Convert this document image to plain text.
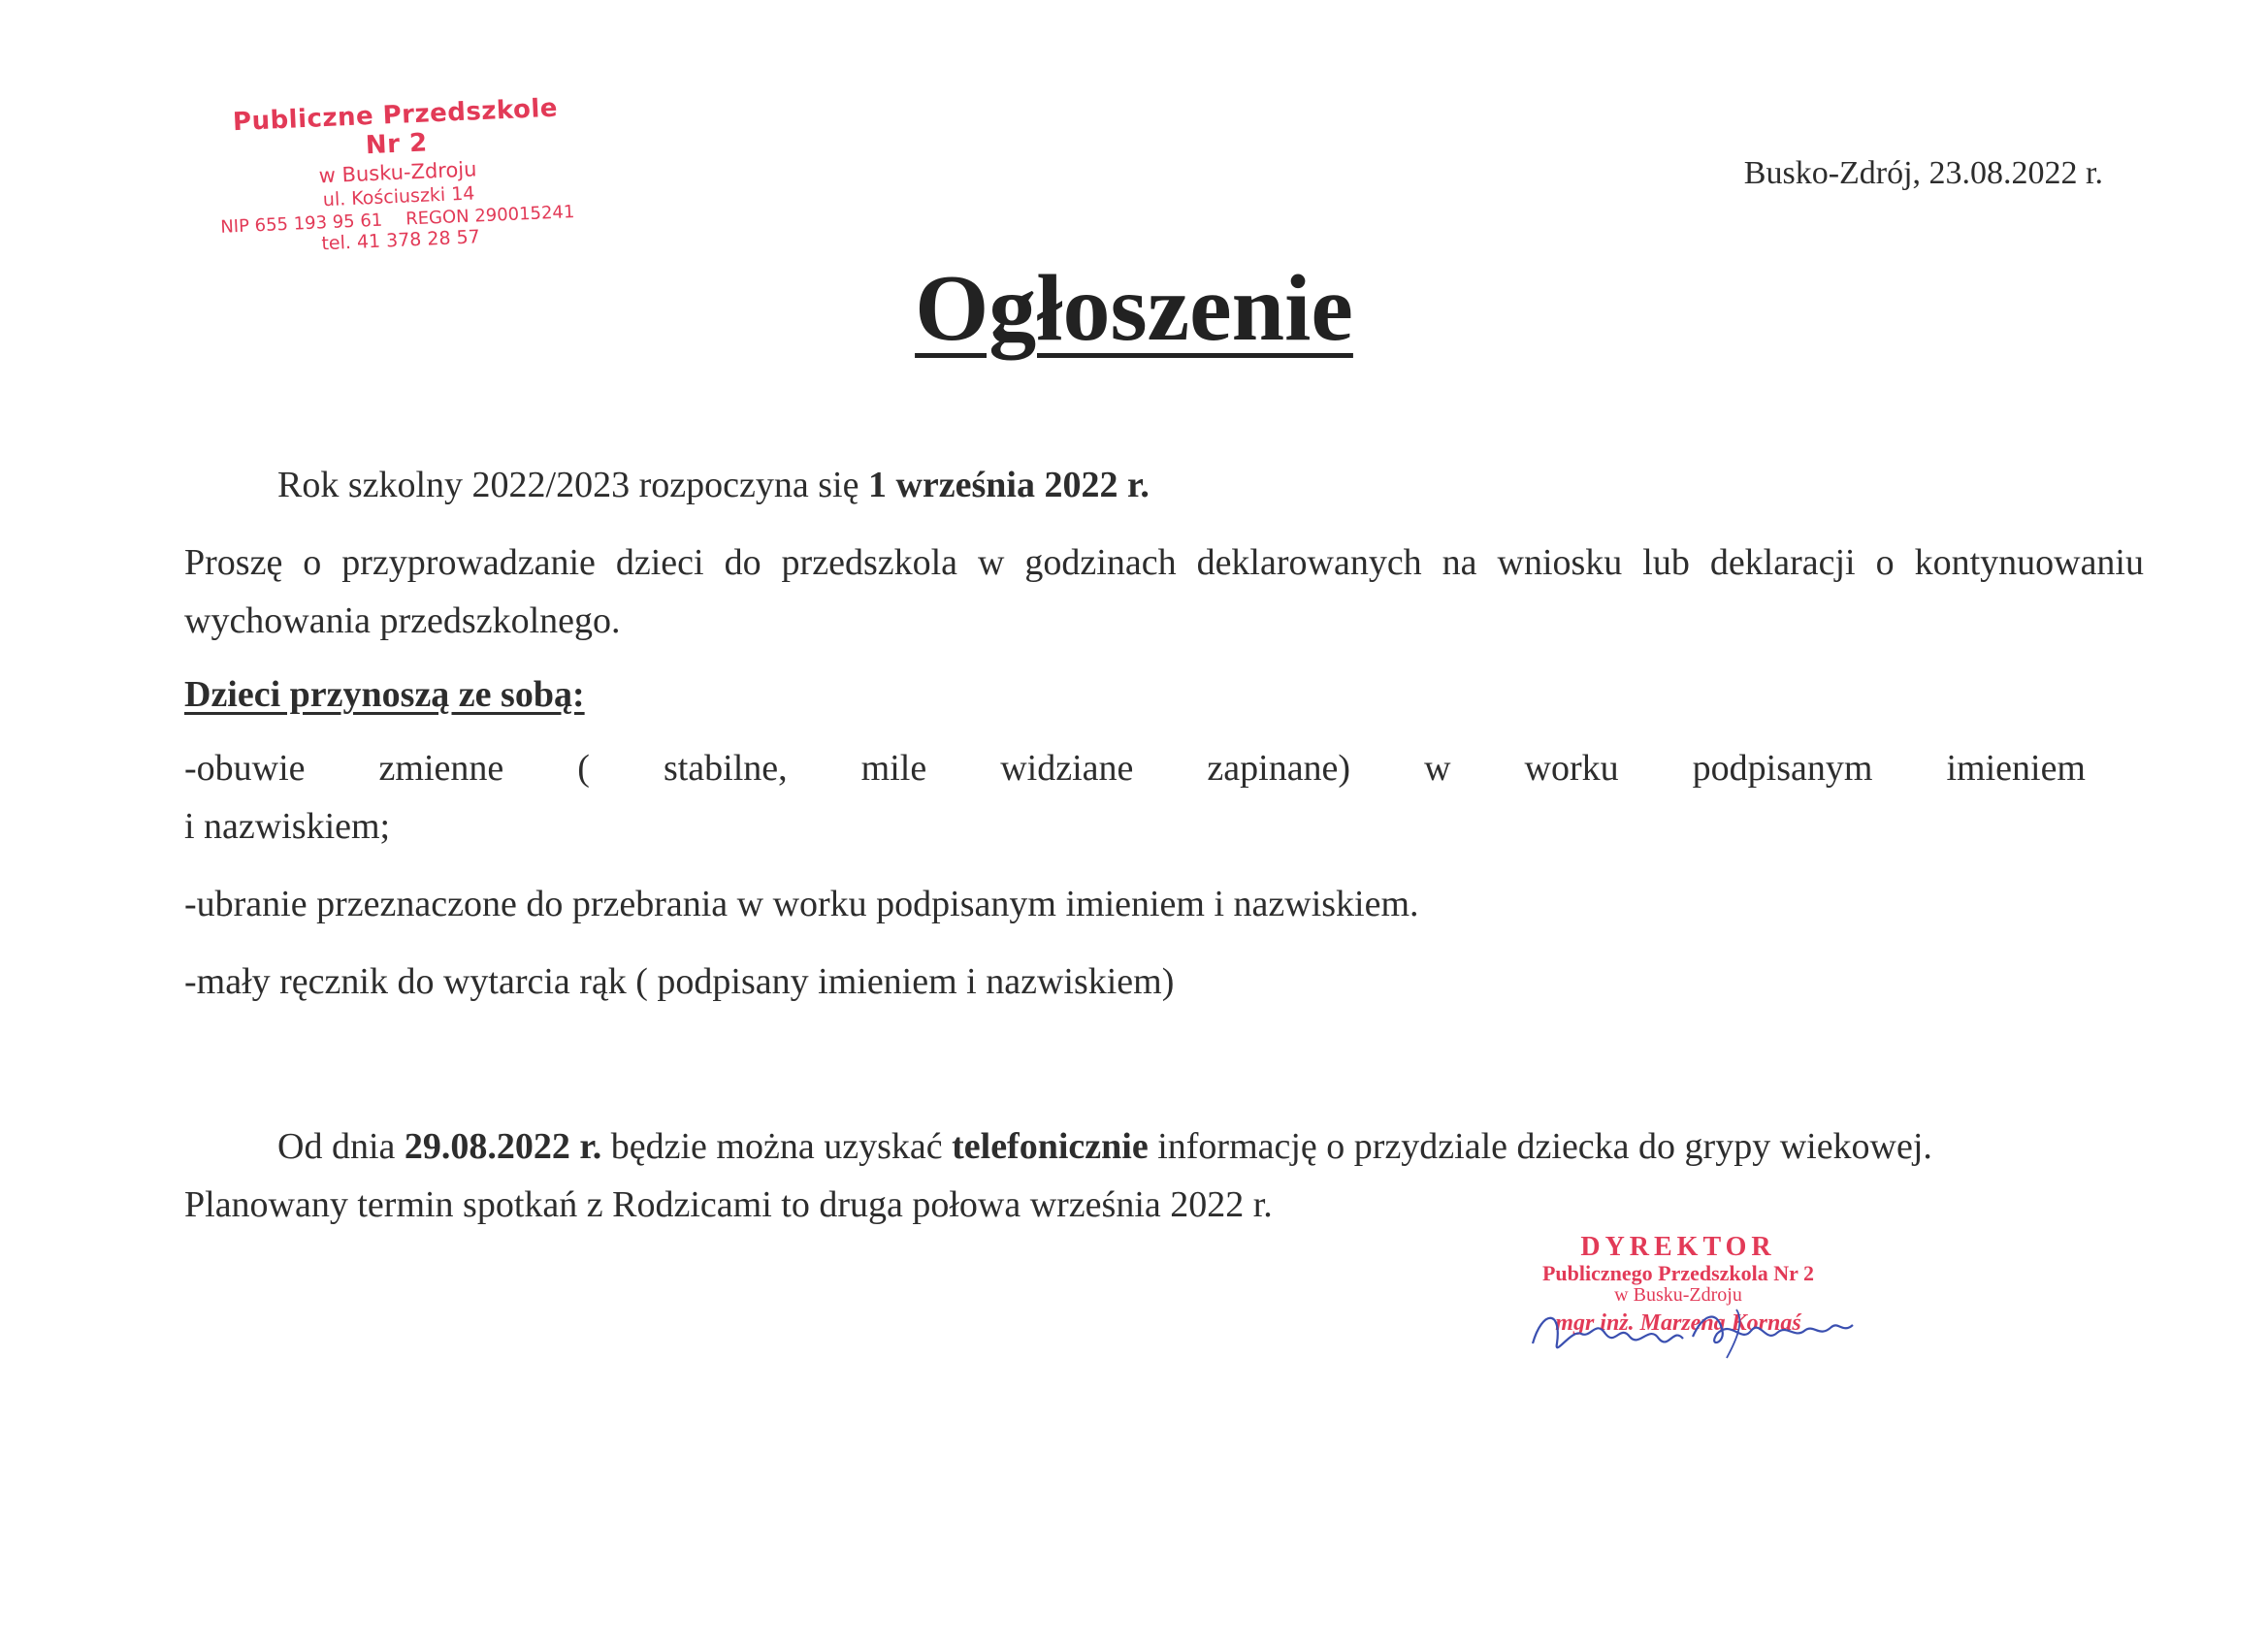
Publiczne Przedszkole Nr 2
w Busku-Zdroju
ul. Kościuszki 14
NIP 655 193 95 61 REGON 290015241
tel. 41 378 28 57
Busko-Zdrój, 23.08.2022 r.
Ogłoszenie

Rok szkolny 2022/2023 rozpoczyna się 1 września 2022 r.

Proszę o przyprowadzanie dzieci do przedszkola w godzinach deklarowanych na wniosku lub deklaracji o kontynuowaniu wychowania przedszkolnego.

Dzieci przynoszą ze sobą:

-obuwie zmienne ( stabilne, mile widziane zapinane) w worku podpisanym imieniem

i nazwiskiem;

-ubranie przeznaczone do przebrania w worku podpisanym imieniem i nazwiskiem.

-mały ręcznik do wytarcia rąk ( podpisany imieniem i nazwiskiem)

Od dnia 29.08.2022 r. będzie można uzyskać telefonicznie informację o przydziale dziecka do grypy wiekowej.

Planowany termin spotkań z Rodzicami to druga połowa września 2022 r.

DYREKTOR
Publicznego Przedszkola Nr 2
w Busku-Zdroju
mgr inż. Marzena Kornaś
